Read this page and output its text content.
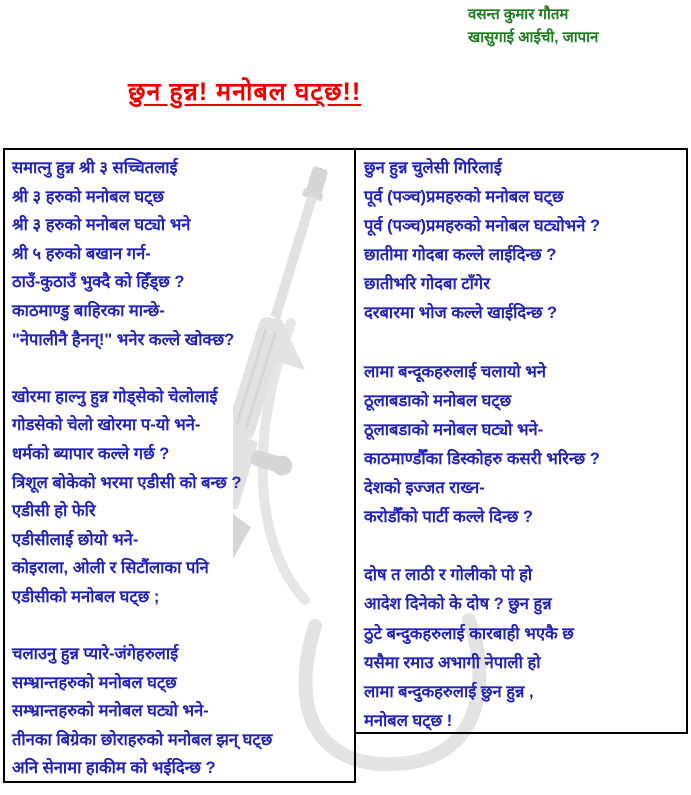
वसन्त कुमार गौतम
खासुगाई आईची, जापान
छुन हुन्न! मनोबल घट्छ!!
समात्नु हुन्न श्री ३ सच्चितलाई
श्री ३ हरुको मनोबल घट्छ
श्री ३ हरुको मनोबल घट्यो भने
श्री ५ हरुको बखान गर्न-
ठाउँ-कुठाउँ भुक्दै को हिँड्छ ?
काठमाण्डु बाहिरका मान्छे-
"नेपालीनै हैनन्!" भनेर कल्ले खोक्छ?

खोरमा हाल्नु हुन्न गोड्सेको चेलोलाई
गोडसेको चेलो खोरमा प-यो भने-
धर्मको ब्यापार कल्ले गर्छ ?
त्रिशूल बोकेको भरमा एडीसी को बन्छ ?
एडीसी हो फेरि
एडीसीलाई छोयो भने-
कोइराला, ओली र सिटौंलाका पनि
एडीसीको मनोबल घट्छ ;

चलाउनु हुन्न प्यारे-जंगेहरुलाई
सम्भ्रान्तहरुको मनोबल घट्छ
सम्भ्रान्तहरुको मनोबल घट्यो भने-
तीनका बिग्रेका छोराहरुको मनोबल झन् घट्छ
अनि सेनामा हाकीम को भईदिन्छ ?
छुन हुन्न चुलेसी गिरिलाई
पूर्व (पञ्च)प्रमहरुको मनोबल घट्छ
पूर्व (पञ्च)प्रमहरुको मनोबल घट्योभने ?
छातीमा गोदबा कल्ले लाईदिन्छ ?
छातीभरि गोदबा टाँगेर
दरबारमा भोज कल्ले खाईदिन्छ ?

लामा बन्दूकहरुलाई चलायो भने
ठूलाबडाको मनोबल घट्छ
ठूलाबडाको मनोबल घट्यो भने-
काठमाण्डौँका डिस्कोहरु कसरी भरिन्छ ?
देशको इज्जत राख्न-
करोडौँको पार्टी कल्ले दिन्छ ?

दोष त लाठी र गोलीको पो हो
आदेश दिनेको के दोष ? छुन हुन्न
ठुटे बन्दुकहरुलाई कारबाही भएकै छ
यसैमा रमाउ अभागी नेपाली हो
लामा बन्दुकहरुलाई छुन हुन्न ,
मनोबल घट्छ !
